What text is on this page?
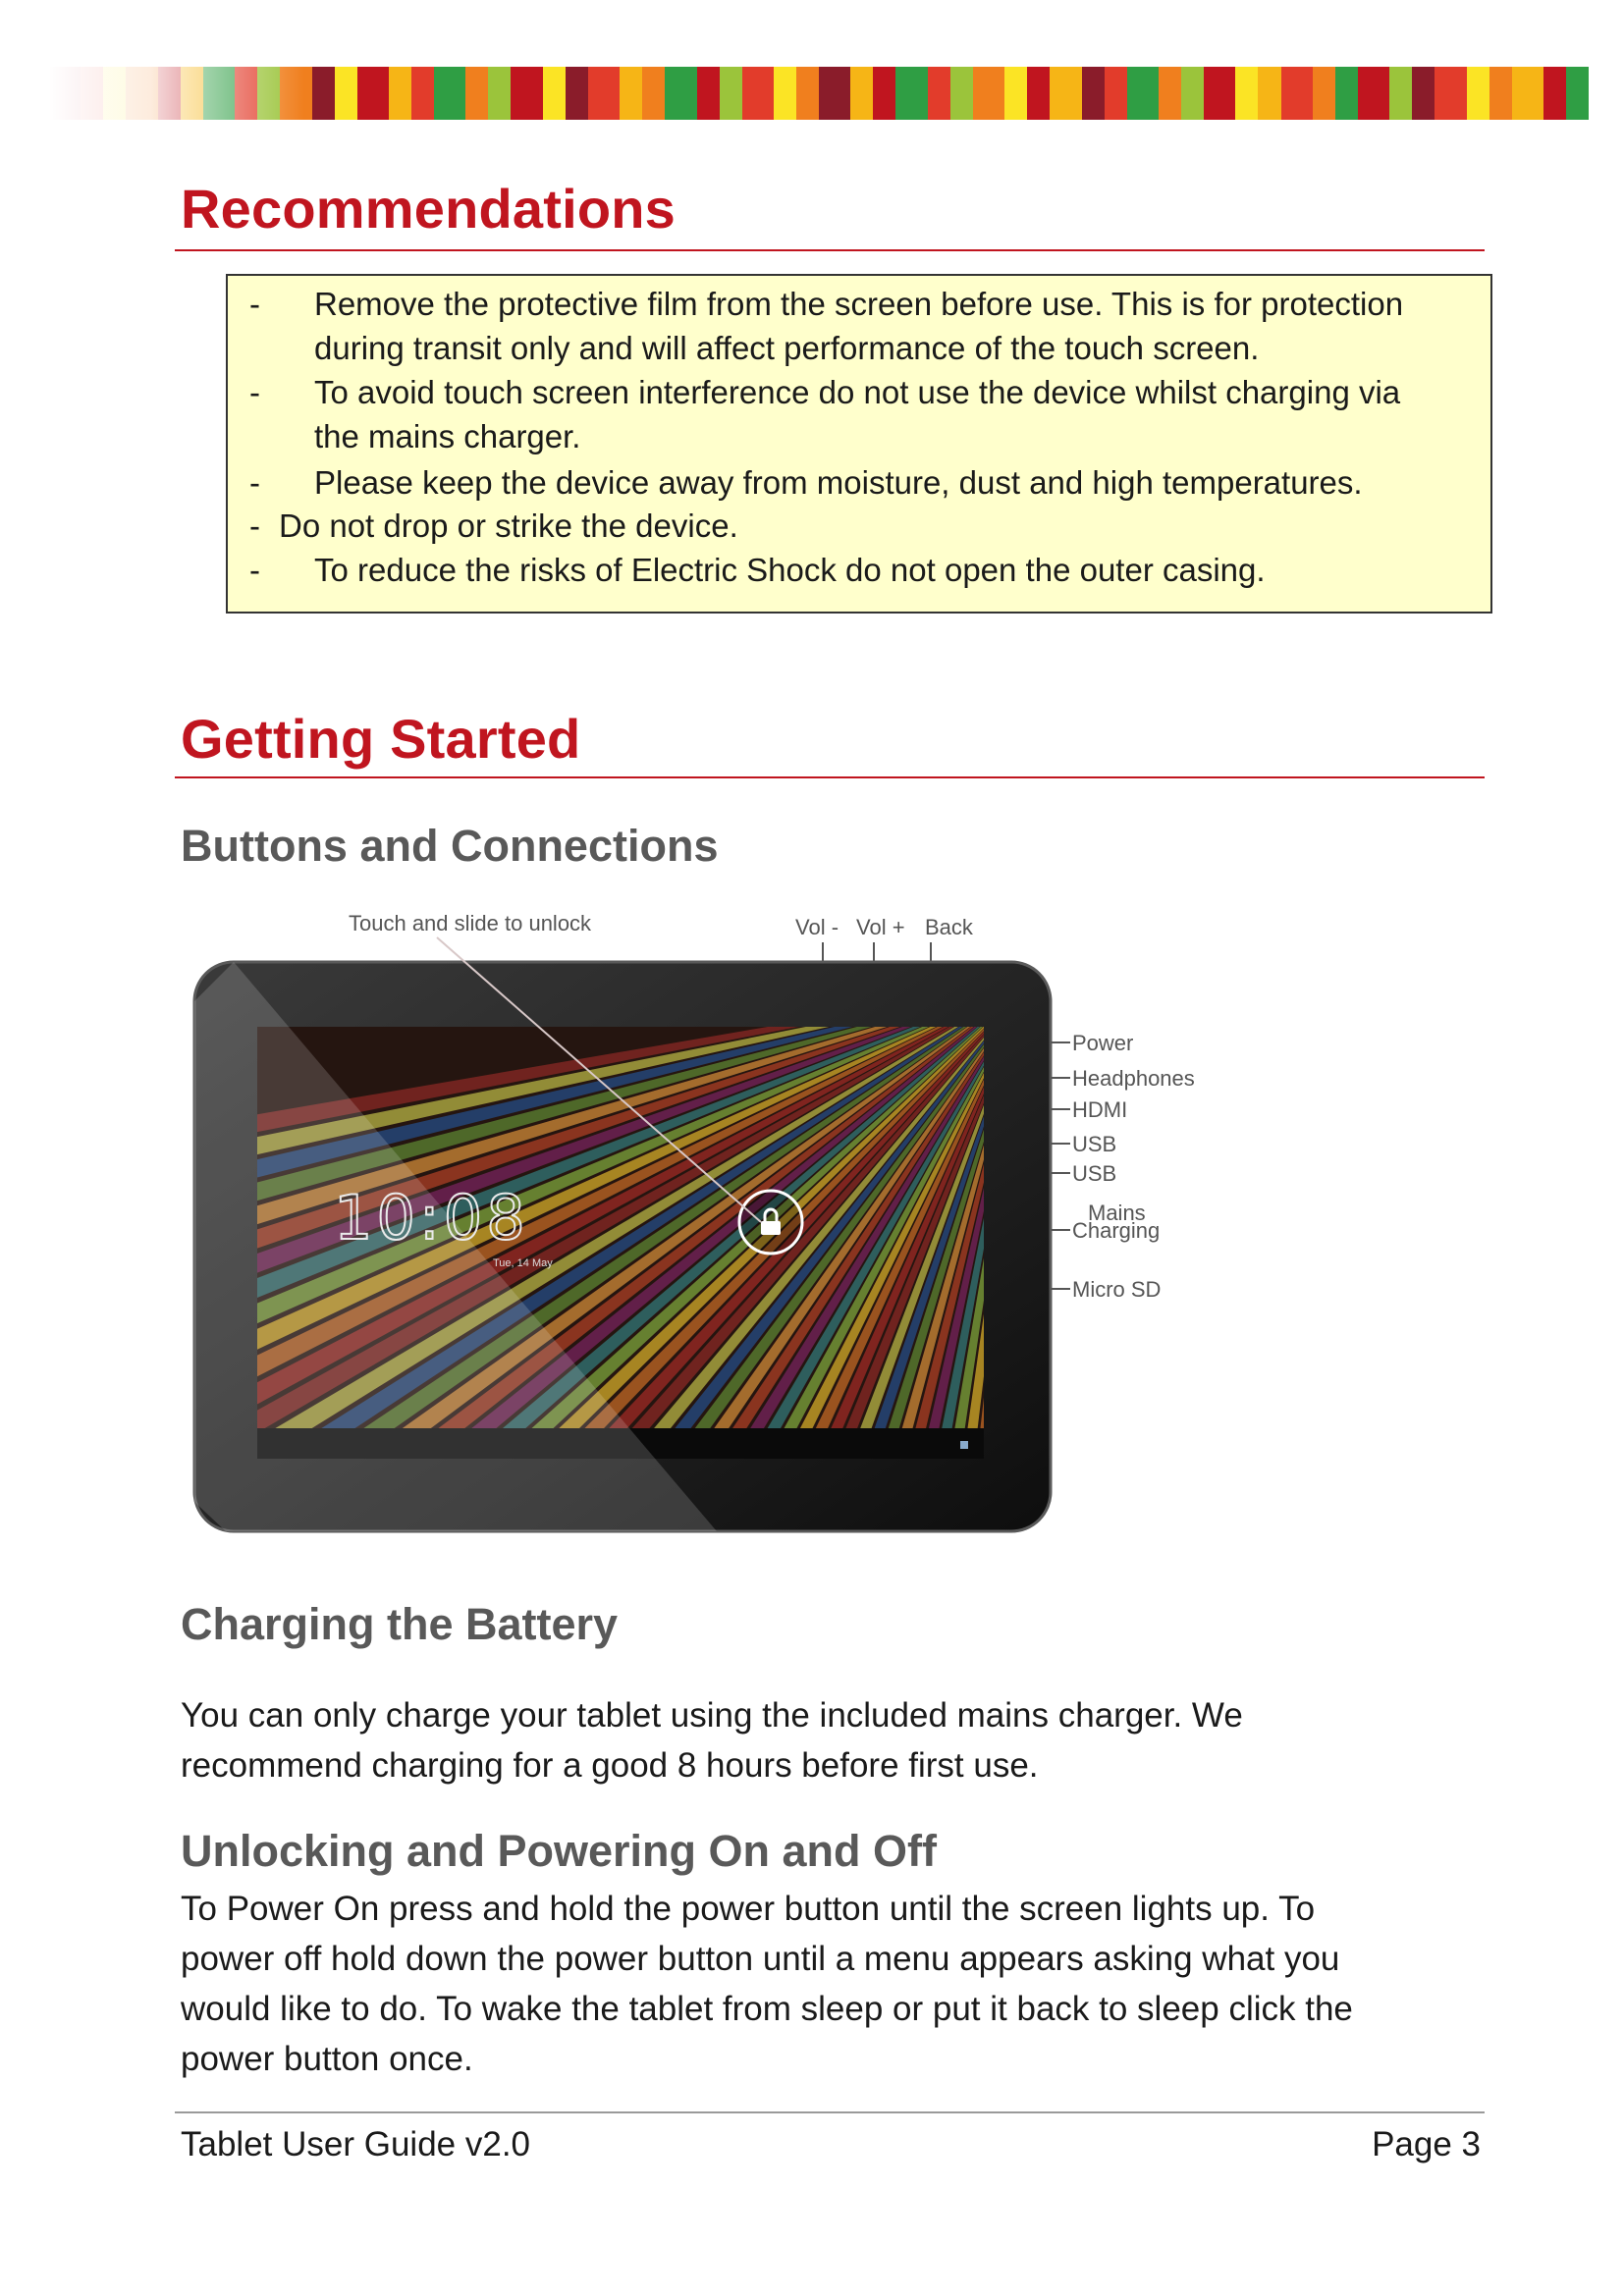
Recommendations
-	Remove the protective film from the screen before use. This is for protection
during transit only and will affect performance of the touch screen.
-	To avoid touch screen interference do not use the device whilst charging via
the mains charger.
-	Please keep the device away from moisture, dust and high temperatures.
- Do not drop or strike the device.
-	To reduce the risks of Electric Shock do not open the outer casing.
Getting Started
Buttons and Connections
Touch and slide to unlock	Vol - Vol + Back
10:08
Tue, 14 May
Power
Headphones
HDMI
USB
USB
Mains
Charging
Micro SD
Charging the Battery
You can only charge your tablet using the included mains charger. We
recommend charging for a good 8 hours before first use.
Unlocking and Powering On and Off
To Power On press and hold the power button until the screen lights up. To
power off hold down the power button until a menu appears asking what you
would like to do. To wake the tablet from sleep or put it back to sleep click the
power button once.
Tablet User Guide v2.0	Page 3
